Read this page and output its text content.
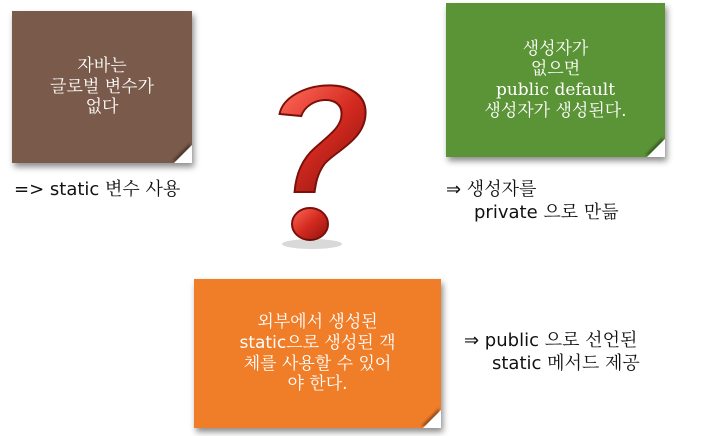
자바는
글로벌 변수가
없다
생성자가
없으면
public default
생성자가 생성된다.
외부에서 생성된
static으로 생성된 객
체를 사용할 수 있어
야 한다.
=> static 변수 사용	⇒ 생성자를
private 으로 만듦
⇒ public 으로 선언된
static 메서드 제공
